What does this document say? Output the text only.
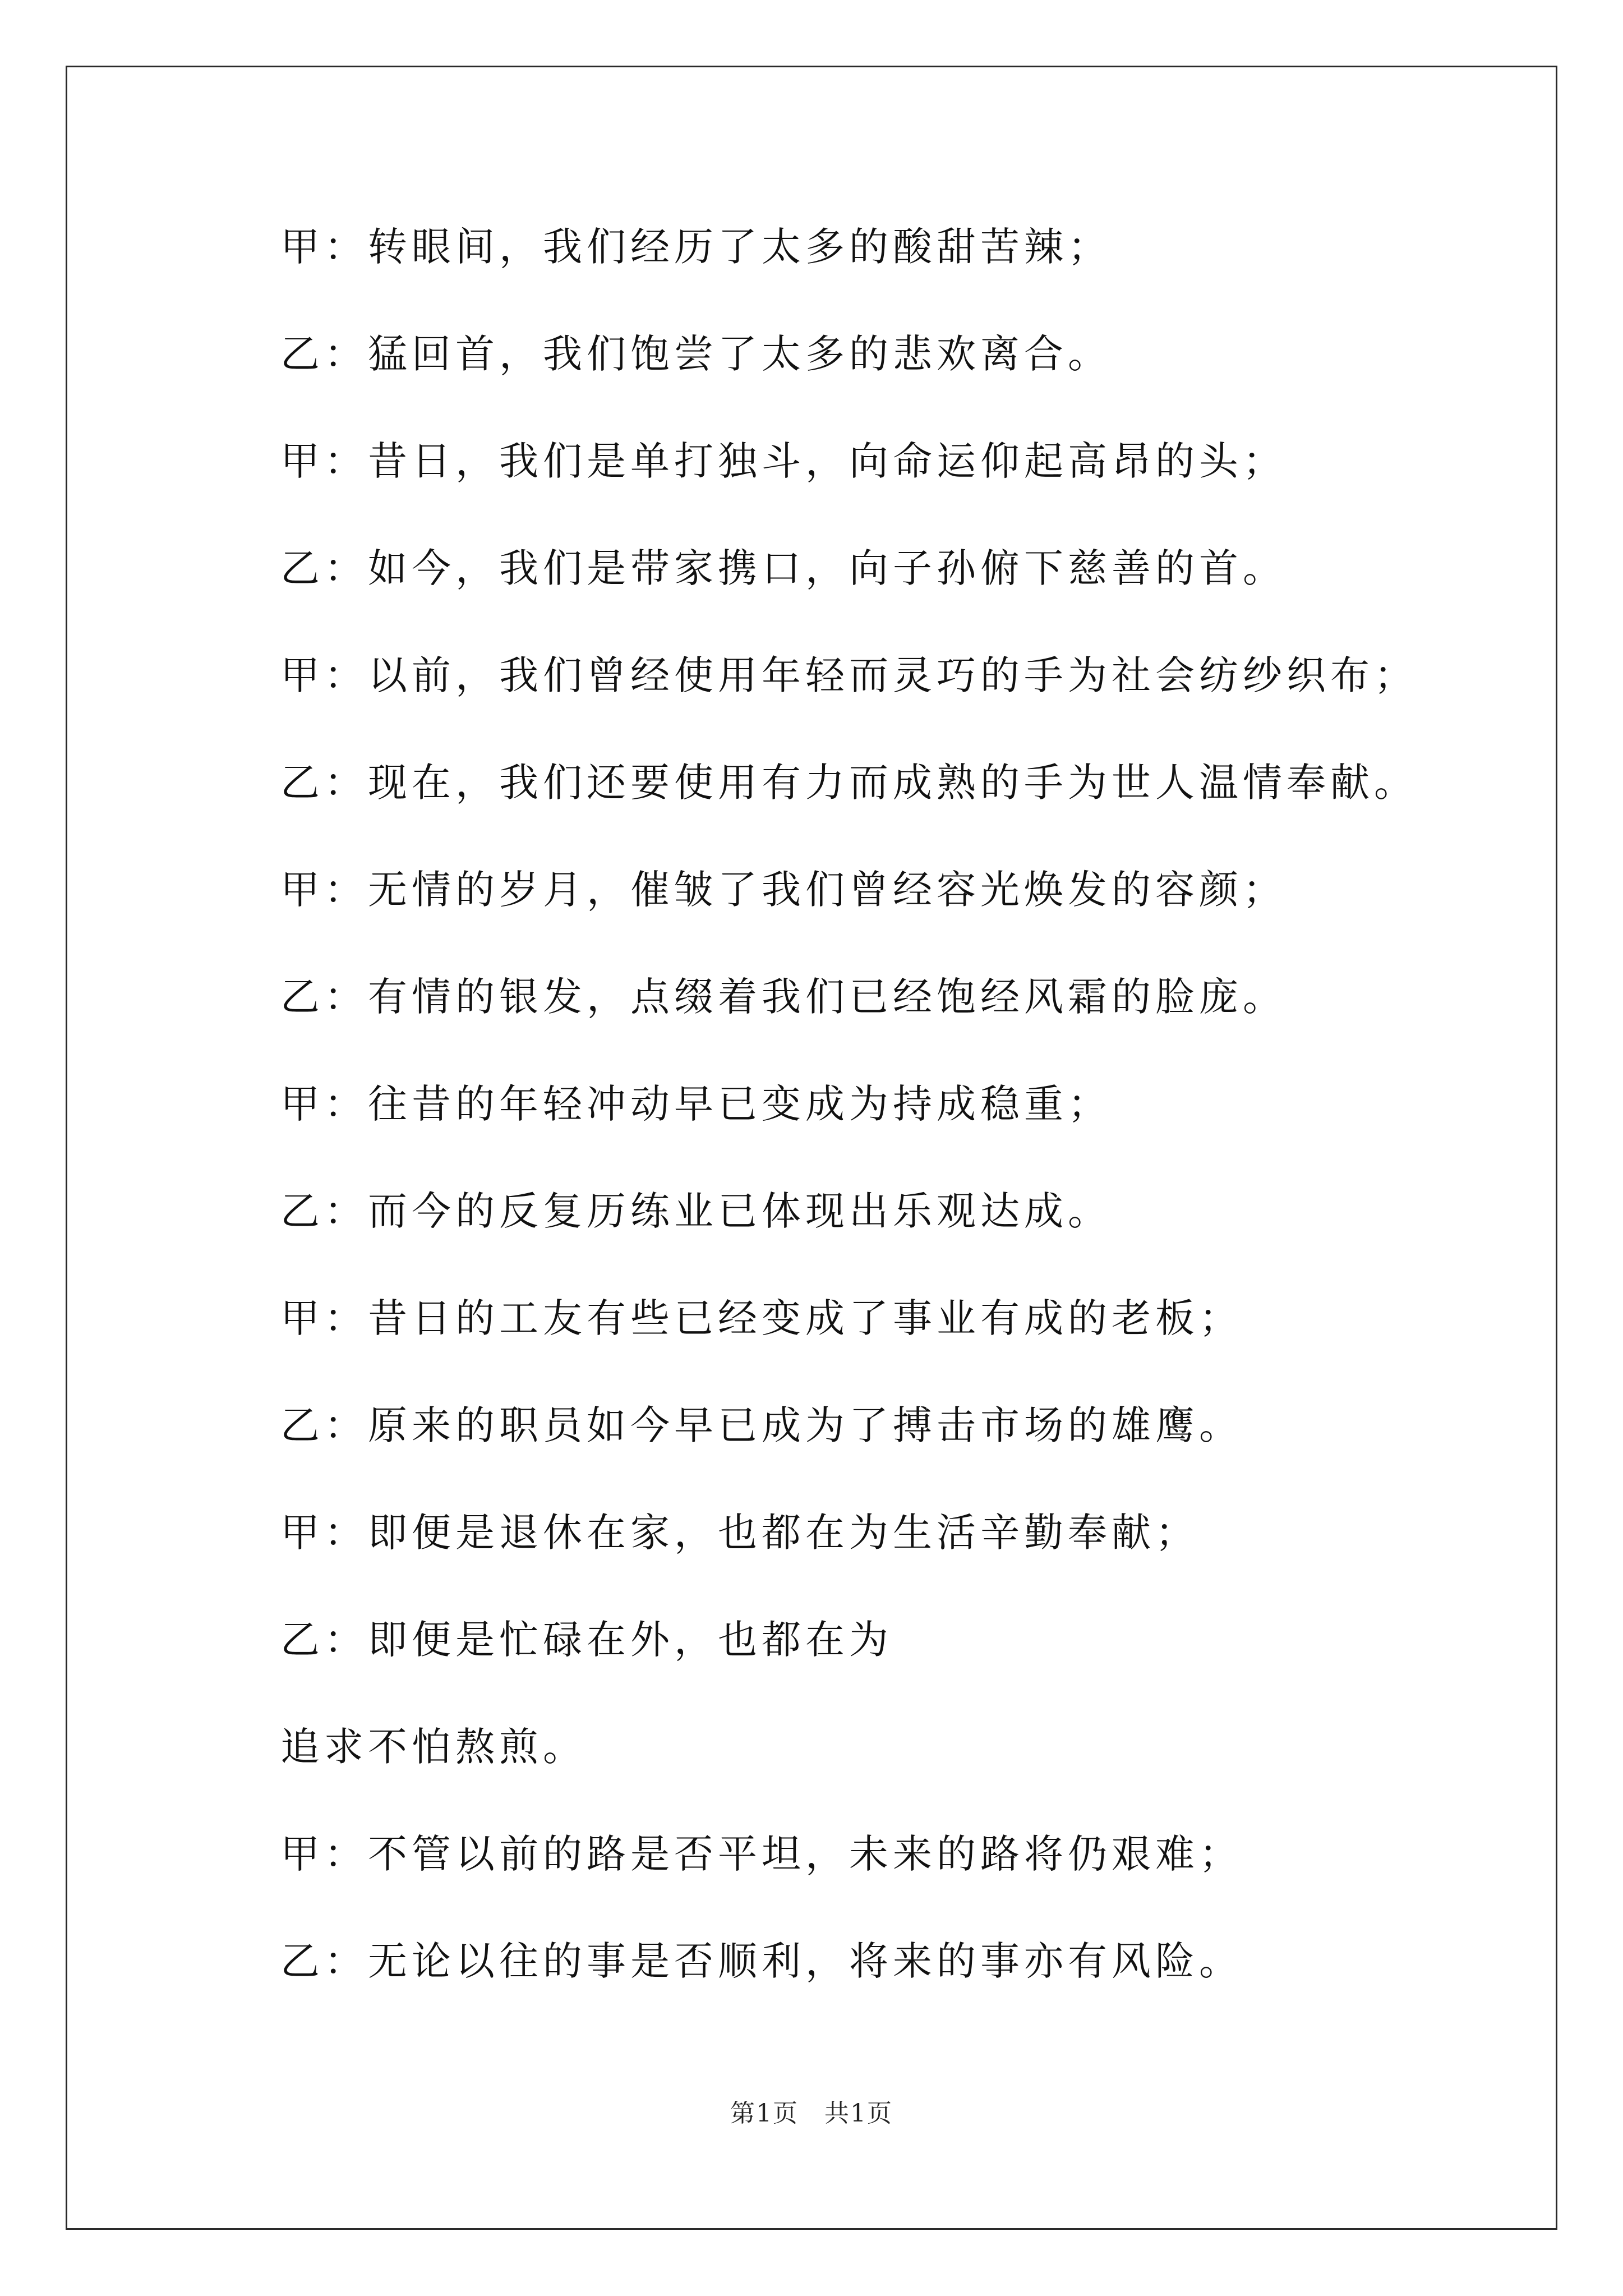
甲：转眼间，我们经历了太多的酸甜苦辣；
乙：猛回首，我们饱尝了太多的悲欢离合。
甲：昔日，我们是单打独斗，向命运仰起高昂的头；
乙：如今，我们是带家携口，向子孙俯下慈善的首。
甲：以前，我们曾经使用年轻而灵巧的手为社会纺纱织布；
乙：现在，我们还要使用有力而成熟的手为世人温情奉献。
甲：无情的岁月，催皱了我们曾经容光焕发的容颜；
乙：有情的银发，点缀着我们已经饱经风霜的脸庞。
甲：往昔的年轻冲动早已变成为持成稳重；
乙：而今的反复历练业已体现出乐观达成。
甲：昔日的工友有些已经变成了事业有成的老板；
乙：原来的职员如今早已成为了搏击市场的雄鹰。
甲：即便是退休在家，也都在为生活辛勤奉献；
乙：即便是忙碌在外，也都在为
追求不怕熬煎。
甲：不管以前的路是否平坦，未来的路将仍艰难；
乙：无论以往的事是否顺利，将来的事亦有风险。
第1页　共1页
